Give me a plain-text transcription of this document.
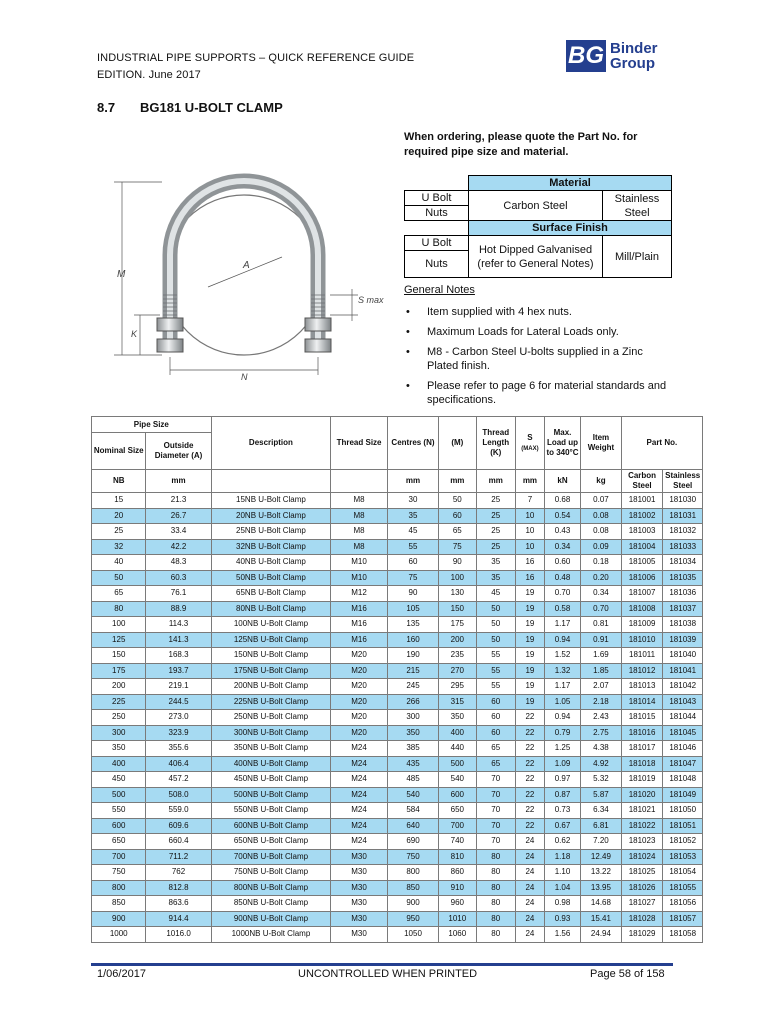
INDUSTRIAL PIPE SUPPORTS – QUICK REFERENCE GUIDE
EDITION. June 2017
BG Binder
Group
8.7 BG181 U-BOLT CLAMP
M
A
K
N
S max
When ordering, please quote the Part No. for required pipe size and material.
	Material	
U Bolt	Carbon Steel	Stainless Steel
Nuts		
	Surface Finish	
U Bolt	Hot Dipped Galvanised (refer to General Notes)	Mill/Plain
Nuts		
General Notes
• Item supplied with 4 hex nuts.
• Maximum Loads for Lateral Loads only.
• M8 - Carbon Steel U-bolts supplied in a Zinc Plated finish.
• Please refer to page 6 for material standards and specifications.
Pipe Size		Description	Thread Size	Centres (N)	(M)	Thread Length (K)	S
(MAX)	Max. Load up to 340°C	Item Weight	Part No.	
Nominal Size	Outside Diameter (A)										
NB	mm			mm	mm	mm	mm	kN	kg	Carbon Steel	Stainless Steel
15	21.3	15NB U-Bolt Clamp	M8	30	50	25	7	0.68	0.07	181001	181030
20	26.7	20NB U-Bolt Clamp	M8	35	60	25	10	0.54	0.08	181002	181031
25	33.4	25NB U-Bolt Clamp	M8	45	65	25	10	0.43	0.08	181003	181032
32	42.2	32NB U-Bolt Clamp	M8	55	75	25	10	0.34	0.09	181004	181033
40	48.3	40NB U-Bolt Clamp	M10	60	90	35	16	0.60	0.18	181005	181034
50	60.3	50NB U-Bolt Clamp	M10	75	100	35	16	0.48	0.20	181006	181035
65	76.1	65NB U-Bolt Clamp	M12	90	130	45	19	0.70	0.34	181007	181036
80	88.9	80NB U-Bolt Clamp	M16	105	150	50	19	0.58	0.70	181008	181037
100	114.3	100NB U-Bolt Clamp	M16	135	175	50	19	1.17	0.81	181009	181038
125	141.3	125NB U-Bolt Clamp	M16	160	200	50	19	0.94	0.91	181010	181039
150	168.3	150NB U-Bolt Clamp	M20	190	235	55	19	1.52	1.69	181011	181040
175	193.7	175NB U-Bolt Clamp	M20	215	270	55	19	1.32	1.85	181012	181041
200	219.1	200NB U-Bolt Clamp	M20	245	295	55	19	1.17	2.07	181013	181042
225	244.5	225NB U-Bolt Clamp	M20	266	315	60	19	1.05	2.18	181014	181043
250	273.0	250NB U-Bolt Clamp	M20	300	350	60	22	0.94	2.43	181015	181044
300	323.9	300NB U-Bolt Clamp	M20	350	400	60	22	0.79	2.75	181016	181045
350	355.6	350NB U-Bolt Clamp	M24	385	440	65	22	1.25	4.38	181017	181046
400	406.4	400NB U-Bolt Clamp	M24	435	500	65	22	1.09	4.92	181018	181047
450	457.2	450NB U-Bolt Clamp	M24	485	540	70	22	0.97	5.32	181019	181048
500	508.0	500NB U-Bolt Clamp	M24	540	600	70	22	0.87	5.87	181020	181049
550	559.0	550NB U-Bolt Clamp	M24	584	650	70	22	0.73	6.34	181021	181050
600	609.6	600NB U-Bolt Clamp	M24	640	700	70	22	0.67	6.81	181022	181051
650	660.4	650NB U-Bolt Clamp	M24	690	740	70	24	0.62	7.20	181023	181052
700	711.2	700NB U-Bolt Clamp	M30	750	810	80	24	1.18	12.49	181024	181053
750	762	750NB U-Bolt Clamp	M30	800	860	80	24	1.10	13.22	181025	181054
800	812.8	800NB U-Bolt Clamp	M30	850	910	80	24	1.04	13.95	181026	181055
850	863.6	850NB U-Bolt Clamp	M30	900	960	80	24	0.98	14.68	181027	181056
900	914.4	900NB U-Bolt Clamp	M30	950	1010	80	24	0.93	15.41	181028	181057
1000	1016.0	1000NB U-Bolt Clamp	M30	1050	1060	80	24	1.56	24.94	181029	181058
1/06/2017	UNCONTROLLED WHEN PRINTED	Page 58 of 158
